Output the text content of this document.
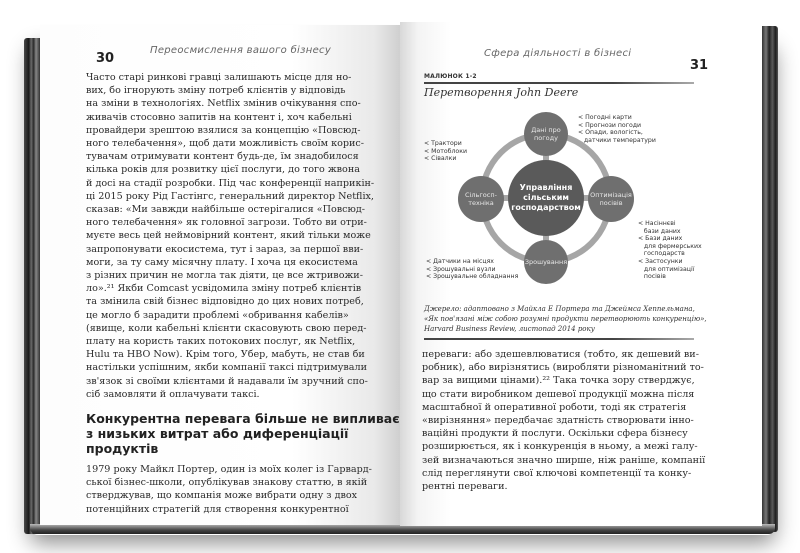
30
Переосмислення вашого бізнесу
Часто старі ринкові гравці залишають місце для но-
вих, бо ігнорують зміну потреб клієнтів у відповідь
на зміни в технологіях. Netflix змінив очікування спо-
живачів стосовно запитів на контент і, хоч кабельні
провайдери зрештою взялися за концепцію «Повсюд-
ного телебачення», щоб дати можливість своїм корис-
тувачам отримувати контент будь-де, їм знадобилося
кілька років для розвитку цієї послуги, до того жвона
й досі на стадії розробки. Під час конференції наприкін-
ці 2015 року Рід Гастінгс, генеральний директор Netflix,
сказав: «Ми завжди найбільше остерігалися «Повсюд-
ного телебачення» як головної загрози. Тобто ви отри-
муєте весь цей неймовірний контент, який тільки може
запропонувати екосистема, тут і зараз, за першої вви-
моги, за ту саму місячну плату. І хоча ця екосистема
з різних причин не могла так діяти, це все жтривожи-
ло».²¹ Якби Comcast усвідомила зміну потреб клієнтів
та змінила свій бізнес відповідно до цих нових потреб,
це могло б зарадити проблемі «обривання кабелів»
(явище, коли кабельні клієнти скасовують свою перед-
плату на користь таких потокових послуг, як Netflix,
Hulu та HBO Now). Крім того, Убер, мабуть, не став би
настільки успішним, якби компанії таксі підтримували
зв'язок зі своїми клієнтами й надавали їм зручний спо-
сіб замовляти й оплачувати таксі.
Конкурентна перевага більше не випливає
з низьких витрат або диференціації
продуктів
1979 року Майкл Портер, один із моїх колег із Гарвард-
ської бізнес-школи, опублікував знакову статтю, в якій
стверджував, що компанія може вибрати одну з двох
потенційних стратегій для створення конкурентної
Сфера діяльності в бізнесі
31
МАЛЮНОК 1-2
Перетворення John Deere
Джерело: адаптовано з Майкла Е Портера та Джеймса Хеппельмана,
«Як пов'язані між собою розумні продукти перетворюють конкуренцію»,
Harvard Business Review, листопад 2014 року
переваги: або здешевлюватися (тобто, як дешевий ви-
робник), або вирізнятись (виробляти різноманітний то-
вар за вищими цінами).²² Така точка зору стверджує,
що стати виробником дешевої продукції можна після
масштабної й оперативної роботи, тоді як стратегія
«вирізняння» передбачає здатність створювати інно-
ваційні продукти й послуги. Оскільки сфера бізнесу
розширюється, як і конкуренція в ньому, а межі галу-
зей визначаються значно ширше, ніж раніше, компанії
слід переглянути свої ключові компетенції та конку-
рентні переваги.
Управління сільським господарством
Дані про погоду
Оптимізація посівів
Зрошування
Сільгосп-техніка
< Погодні карти
< Прогнози погоди
< Опади, вологість,
датчики температури
< Трактори
< Мотоблоки
< Сівалки
< Насіннєві
бази даних
< Бази даних
для фермерських
господарств
< Застосунки
для оптимізації
посівів
< Датчики на місцях
< Зрошувальні вузли
< Зрошувальне обладнання
